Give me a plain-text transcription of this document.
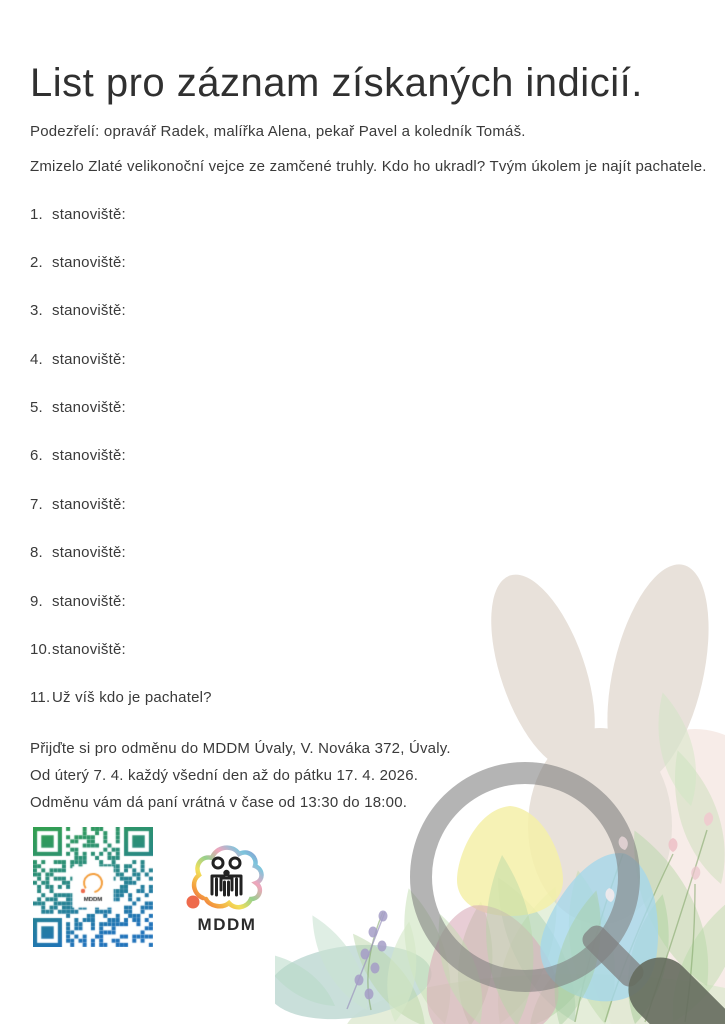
List pro záznam získaných indicií.

Podezřelí: opravář Radek, malířka Alena, pekař Pavel a koledník Tomáš.

Zmizelo Zlaté velikonoční vejce ze zamčené truhly. Kdo ho ukradl? Tvým úkolem je najít pachatele.

1. stanoviště:
2. stanoviště:
3. stanoviště:
4. stanoviště:
5. stanoviště:
6. stanoviště:
7. stanoviště:
8. stanoviště:
9. stanoviště:
10. stanoviště:
11. Už víš kdo je pachatel?

Přijďte si pro odměnu do MDDM Úvaly, V. Nováka 372, Úvaly.

Od úterý 7. 4. každý všední den až do pátku 17. 4. 2026.

Odměnu vám dá paní vrátná v čase od 13:30 do 18:00.

MDDM
